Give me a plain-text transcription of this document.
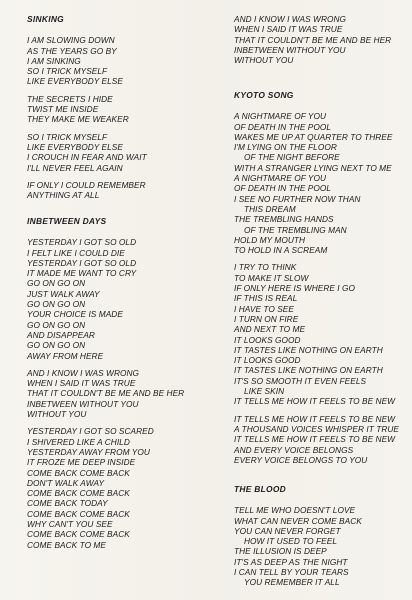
SINKING
I AM SLOWING DOWN
AS THE YEARS GO BY
I AM SINKING
SO I TRICK MYSELF
LIKE EVERYBODY ELSE
THE SECRETS I HIDE
TWIST ME INSIDE
THEY MAKE ME WEAKER
SO I TRICK MYSELF
LIKE EVERYBODY ELSE
I CROUCH IN FEAR AND WAIT
I'LL NEVER FEEL AGAIN
IF ONLY I COULD REMEMBER
ANYTHING AT ALL
INBETWEEN DAYS
YESTERDAY I GOT SO OLD
I FELT LIKE I COULD DIE
YESTERDAY I GOT SO OLD
IT MADE ME WANT TO CRY
GO ON GO ON
JUST WALK AWAY
GO ON GO ON
YOUR CHOICE IS MADE
GO ON GO ON
AND DISAPPEAR
GO ON GO ON
AWAY FROM HERE
AND I KNOW I WAS WRONG
WHEN I SAID IT WAS TRUE
THAT IT COULDN'T BE ME AND BE HER
INBETWEEN WITHOUT YOU
WITHOUT YOU
YESTERDAY I GOT SO SCARED
I SHIVERED LIKE A CHILD
YESTERDAY AWAY FROM YOU
IT FROZE ME DEEP INSIDE
COME BACK COME BACK
DON'T WALK AWAY
COME BACK COME BACK
COME BACK TODAY
COME BACK COME BACK
WHY CAN'T YOU SEE
COME BACK COME BACK
COME BACK TO ME
AND I KNOW I WAS WRONG
WHEN I SAID IT WAS TRUE
THAT IT COULDN'T BE ME AND BE HER
INBETWEEN WITHOUT YOU
WITHOUT YOU
KYOTO SONG
A NIGHTMARE OF YOU
OF DEATH IN THE POOL
WAKES ME UP AT QUARTER TO THREE
I'M LYING ON THE FLOOR
OF THE NIGHT BEFORE
WITH A STRANGER LYING NEXT TO ME
A NIGHTMARE OF YOU
OF DEATH IN THE POOL
I SEE NO FURTHER NOW THAN
THIS DREAM
THE TREMBLING HANDS
OF THE TREMBLING MAN
HOLD MY MOUTH
TO HOLD IN A SCREAM
I TRY TO THINK
TO MAKE IT SLOW
IF ONLY HERE IS WHERE I GO
IF THIS IS REAL
I HAVE TO SEE
I TURN ON FIRE
AND NEXT TO ME
IT LOOKS GOOD
IT TASTES LIKE NOTHING ON EARTH
IT LOOKS GOOD
IT TASTES LIKE NOTHING ON EARTH
IT'S SO SMOOTH IT EVEN FEELS
LIKE SKIN
IT TELLS ME HOW IT FEELS TO BE NEW
IT TELLS ME HOW IT FEELS TO BE NEW
A THOUSAND VOICES WHISPER IT TRUE
IT TELLS ME HOW IT FEELS TO BE NEW
AND EVERY VOICE BELONGS
EVERY VOICE BELONGS TO YOU
THE BLOOD
TELL ME WHO DOESN'T LOVE
WHAT CAN NEVER COME BACK
YOU CAN NEVER FORGET
HOW IT USED TO FEEL
THE ILLUSION IS DEEP
IT'S AS DEEP AS THE NIGHT
I CAN TELL BY YOUR TEARS
YOU REMEMBER IT ALL
